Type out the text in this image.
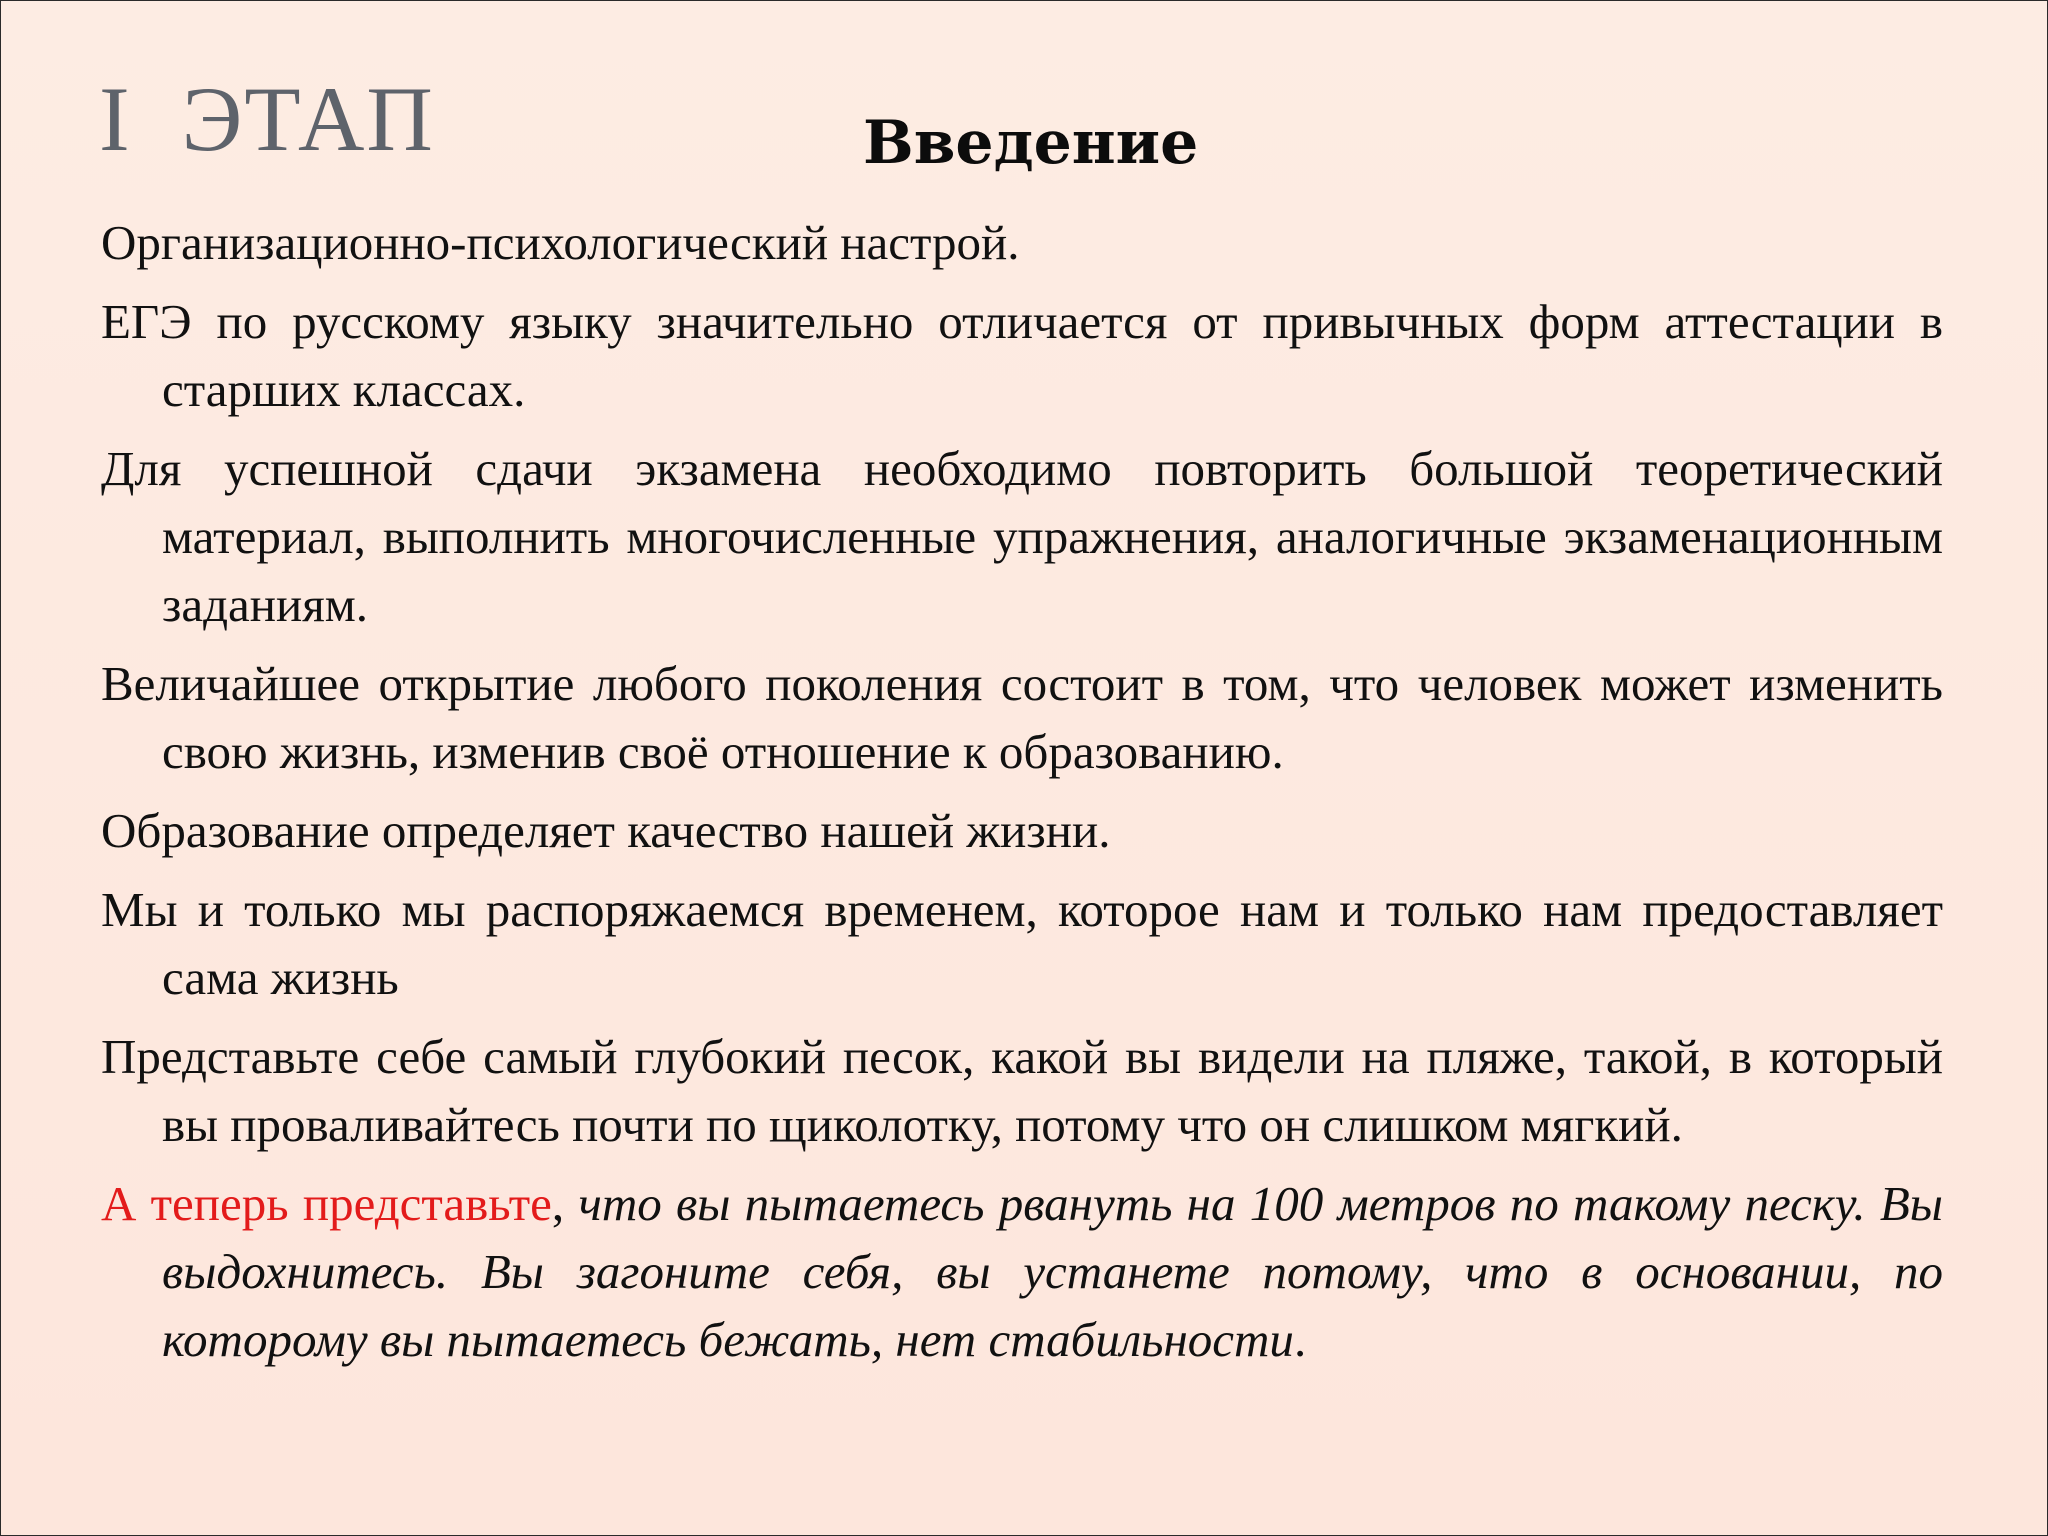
I  ЭТАП	Введение

Организационно-психологический настрой.

ЕГЭ по русскому языку значительно отличается от привычных форм аттестации в старших классах.

Для успешной сдачи экзамена необходимо повторить большой теоретический материал, выполнить многочисленные упражнения, аналогичные экзаменационным заданиям.

Величайшее открытие любого поколения состоит в том, что человек может изменить свою жизнь, изменив своё отношение к образованию.

Образование определяет качество нашей жизни.

Мы и только мы распоряжаемся временем, которое нам и только нам предоставляет сама жизнь

Представьте себе самый глубокий песок, какой вы видели на пляже, такой, в который вы проваливайтесь почти по щиколотку, потому что он слишком мягкий.

А теперь представьте, что вы пытаетесь рвануть на 100 метров по такому песку. Вы выдохнитесь. Вы загоните себя, вы устанете потому, что в основании, по которому вы пытаетесь бежать, нет стабильности.
